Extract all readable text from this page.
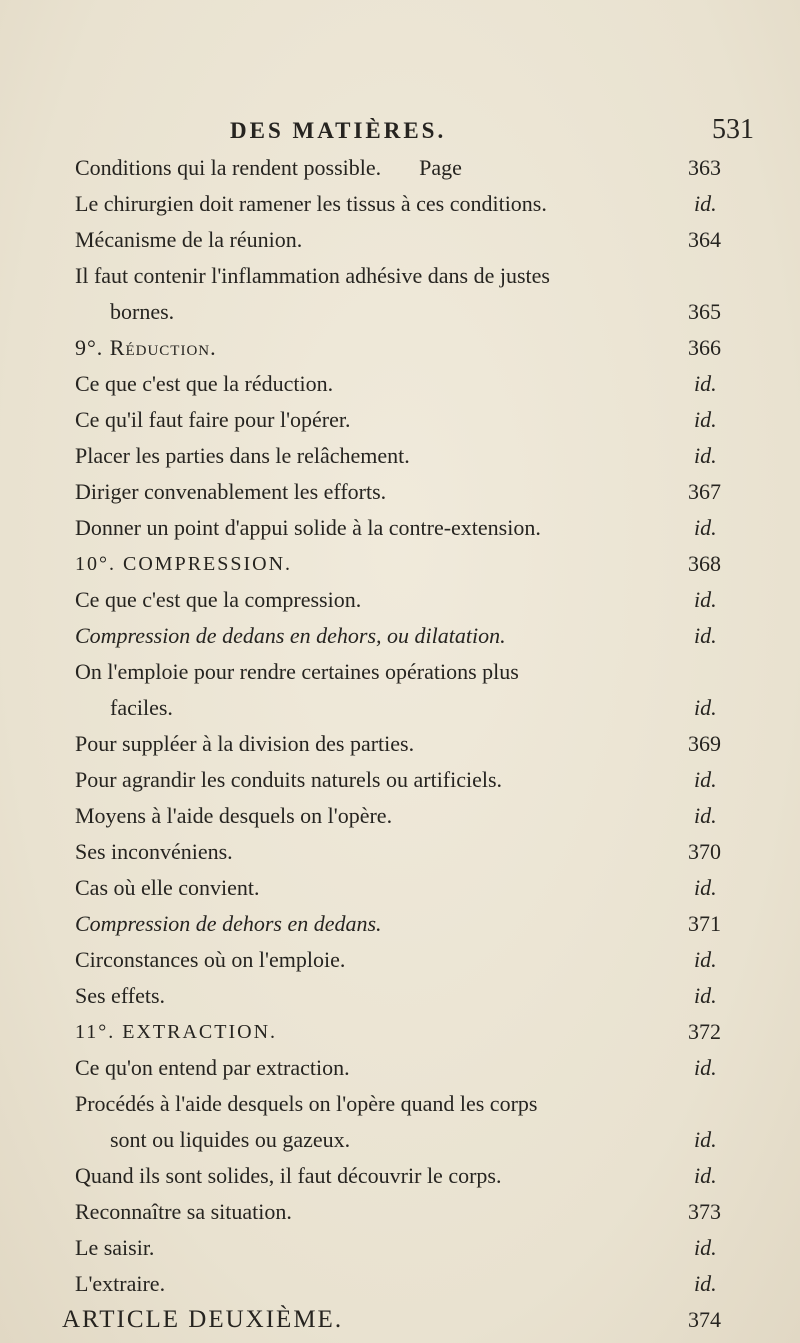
DES MATIÈRES.	531
Conditions qui la rendent possible. Page	363
Le chirurgien doit ramener les tissus à ces conditions.	id.
Mécanisme de la réunion.	364
Il faut contenir l'inflammation adhésive dans de justes
bornes.	365
9°. Réduction.	366
Ce que c'est que la réduction.	id.
Ce qu'il faut faire pour l'opérer.	id.
Placer les parties dans le relâchement.	id.
Diriger convenablement les efforts.	367
Donner un point d'appui solide à la contre-extension.	id.
10°. COMPRESSION.	368
Ce que c'est que la compression.	id.
Compression de dedans en dehors, ou dilatation.	id.
On l'emploie pour rendre certaines opérations plus
faciles.	id.
Pour suppléer à la division des parties.	369
Pour agrandir les conduits naturels ou artificiels.	id.
Moyens à l'aide desquels on l'opère.	id.
Ses inconvéniens.	370
Cas où elle convient.	id.
Compression de dehors en dedans.	371
Circonstances où on l'emploie.	id.
Ses effets.	id.
11°. EXTRACTION.	372
Ce qu'on entend par extraction.	id.
Procédés à l'aide desquels on l'opère quand les corps
sont ou liquides ou gazeux.	id.
Quand ils sont solides, il faut découvrir le corps.	id.
Reconnaître sa situation.	373
Le saisir.	id.
L'extraire.	id.
ARTICLE DEUXIÈME.	374
